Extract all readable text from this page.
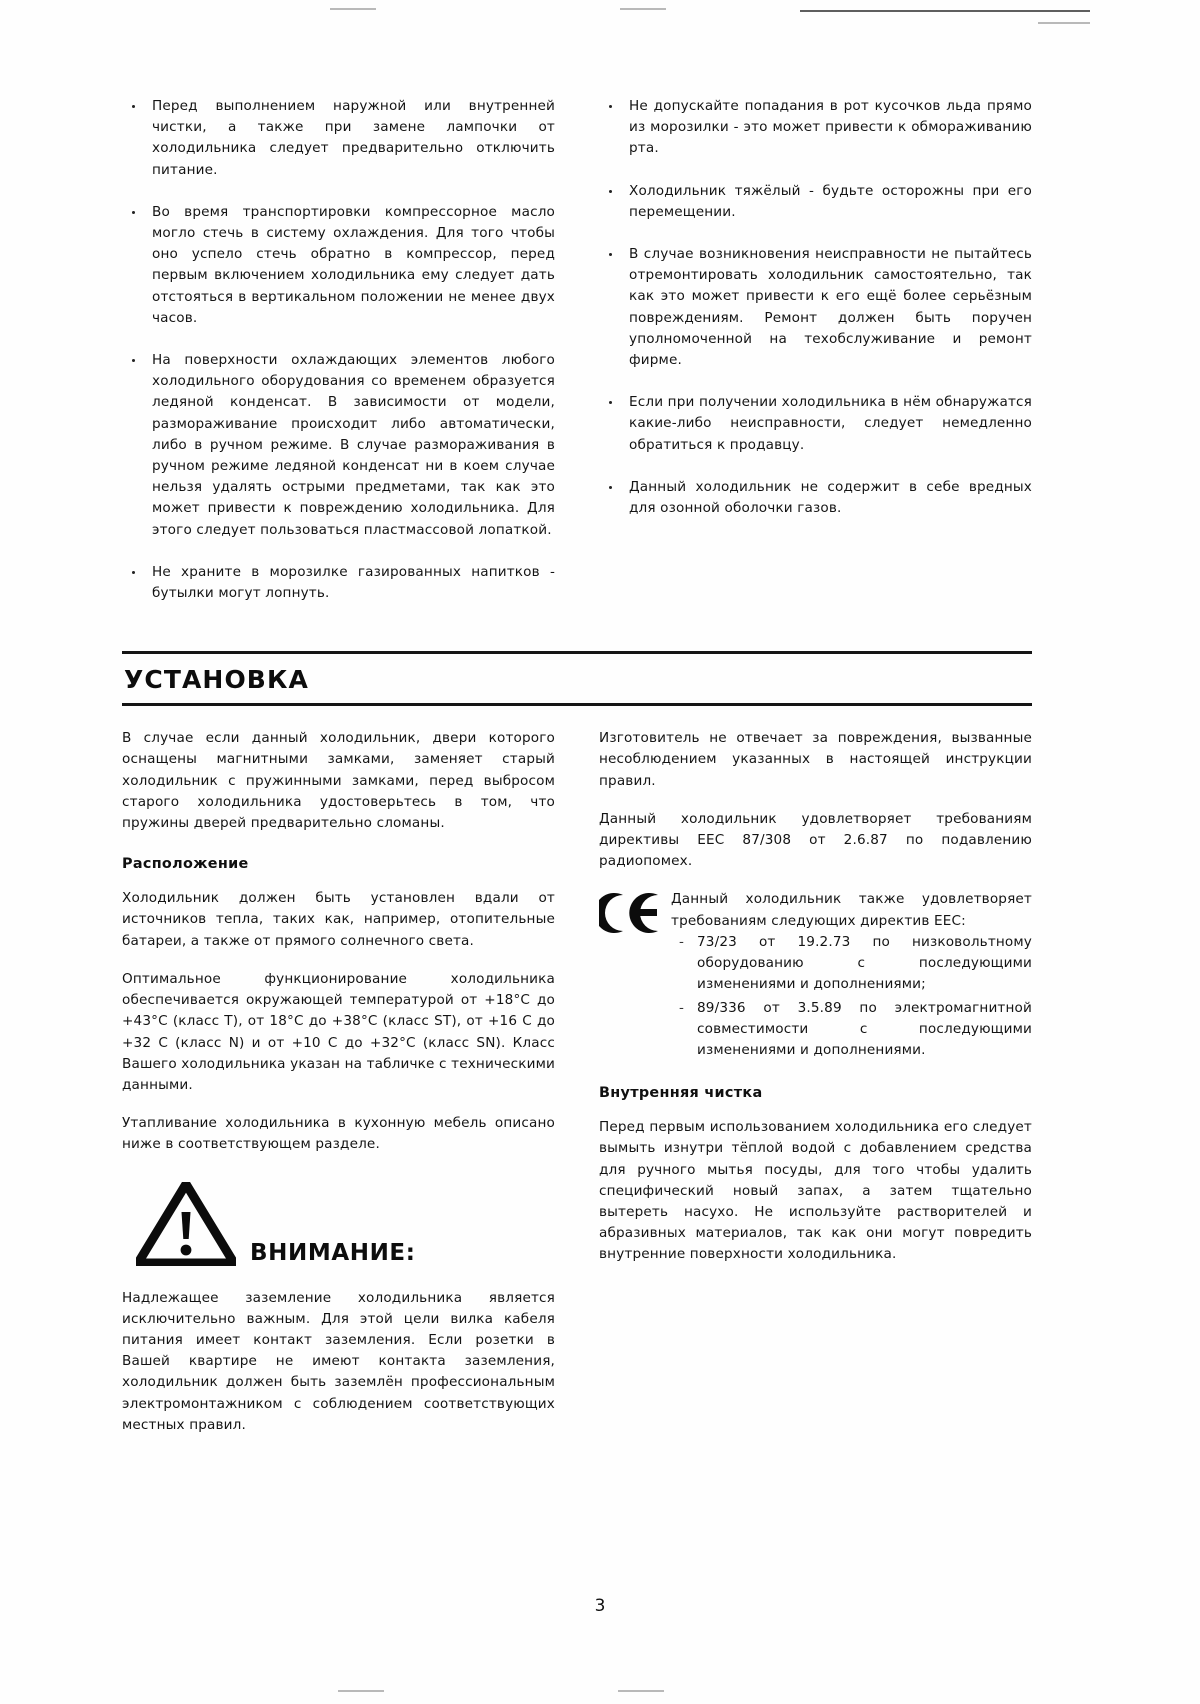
Перед выполнением наружной или внутренней чистки, а также при замене лампочки от холодильника следует предварительно отключить питание.
Во время транспортировки компрессорное масло могло стечь в систему охлаждения. Для того чтобы оно успело стечь обратно в компрессор, перед первым включением холодильника ему следует дать отстояться в вертикальном положении не менее двух часов.
На поверхности охлаждающих элементов любого холодильного оборудования со временем образуется ледяной конденсат. В зависимости от модели, размораживание происходит либо автоматически, либо в ручном режиме. В случае размораживания в ручном режиме ледяной конденсат ни в коем случае нельзя удалять острыми предметами, так как это может привести к повреждению холодильника. Для этого следует пользоваться пластмассовой лопаткой.
Не храните в морозилке газированных напитков - бутылки могут лопнуть.
Не допускайте попадания в рот кусочков льда прямо из морозилки - это может привести к обмораживанию рта.
Холодильник тяжёлый - будьте осторожны при его перемещении.
В случае возникновения неисправности не пытайтесь отремонтировать холодильник самостоятельно, так как это может привести к его ещё более серьёзным повреждениям. Ремонт должен быть поручен уполномоченной на техобслуживание и ремонт фирме.
Если при получении холодильника в нём обнаружатся какие-либо неисправности, следует немедленно обратиться к продавцу.
Данный холодильник не содержит в себе вредных для озонной оболочки газов.
УСТАНОВКА

В случае если данный холодильник, двери которого оснащены магнитными замками, заменяет старый холодильник с пружинными замками, перед выбросом старого холодильника удостоверьтесь в том, что пружины дверей предварительно сломаны.

Расположение

Холодильник должен быть установлен вдали от источников тепла, таких как, например, отопительные батареи, а также от прямого солнечного света.

Оптимальное функционирование холодильника обеспечивается окружающей температурой от +18°C до +43°C (класс T), от 18°C до +38°C (класс ST), от +16 C до +32 C (класс N) и от +10 C до +32°C (класс SN). Класс Вашего холодильника указан на табличке с техническими данными.

Утапливание холодильника в кухонную мебель описано ниже в соответствующем разделе.

ВНИМАНИЕ:

Надлежащее заземление холодильника является исключительно важным. Для этой цели вилка кабеля питания имеет контакт заземления. Если розетки в Вашей квартире не имеют контакта заземления, холодильник должен быть заземлён профессиональным электромонтажником с соблюдением соответствующих местных правил.

Изготовитель не отвечает за повреждения, вызванные несоблюдением указанных в настоящей инструкции правил.

Данный холодильник удовлетворяет требованиям директивы EEC 87/308 от 2.6.87 по подавлению радиопомех.

Данный холодильник также удовлетворяет требованиям следующих директив EEC:

- 73/23 от 19.2.73 по низковольтному оборудованию с последующими изменениями и дополнениями;
- 89/336 от 3.5.89 по электромагнитной совместимости с последующими изменениями и дополнениями.
Внутренняя чистка

Перед первым использованием холодильника его следует вымыть изнутри тёплой водой с добавлением средства для ручного мытья посуды, для того чтобы удалить специфический новый запах, а затем тщательно вытереть насухо. Не используйте растворителей и абразивных материалов, так как они могут повредить внутренние поверхности холодильника.

3
